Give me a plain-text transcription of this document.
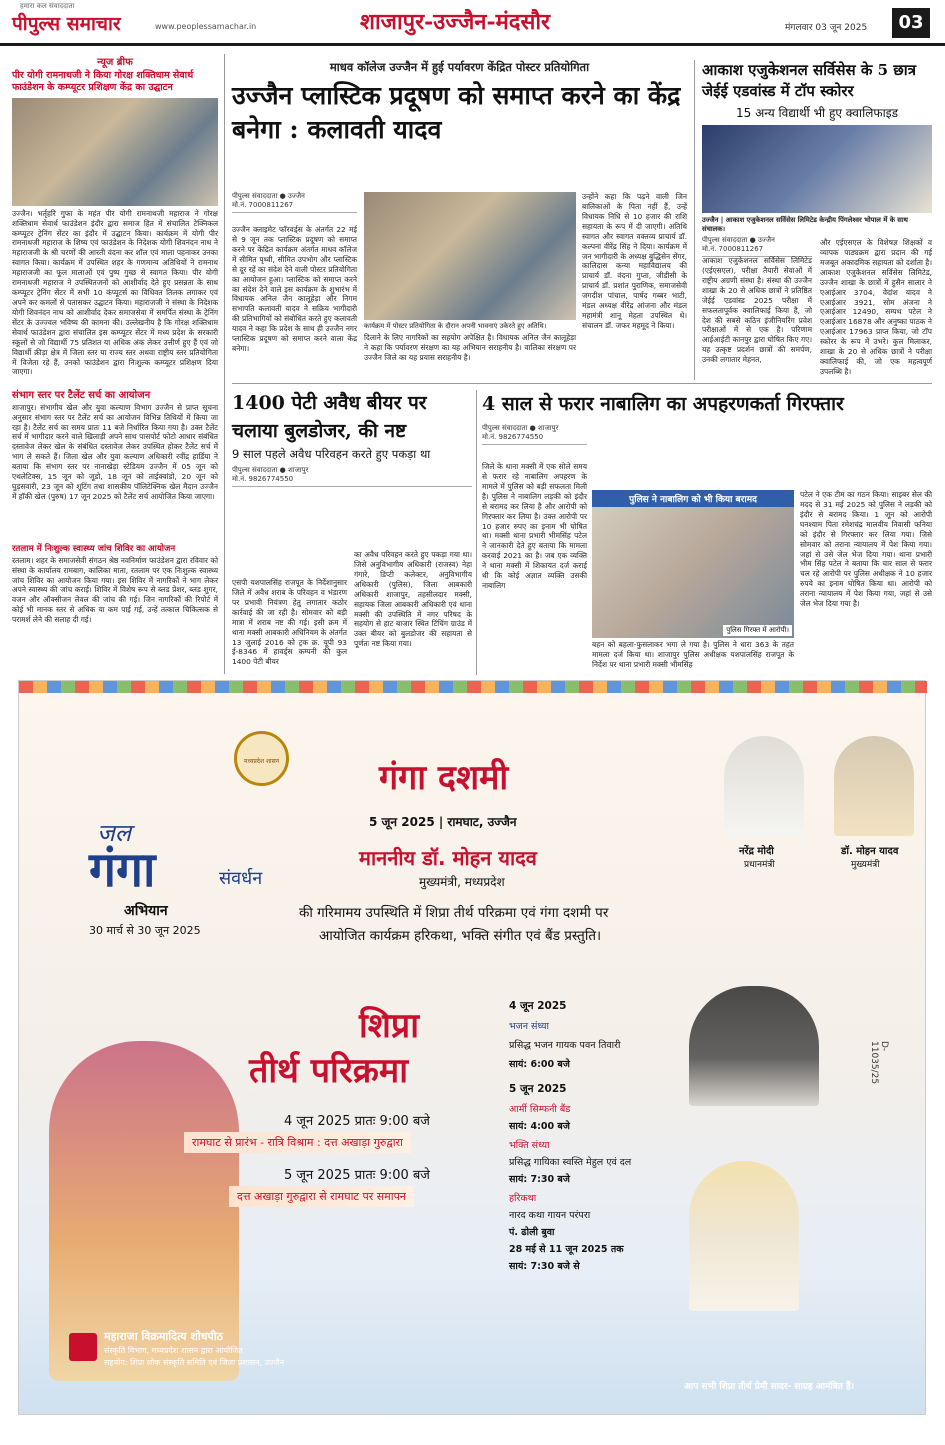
हमारा कल संवाददाता
पीपुल्स समाचार	www.peoplessamachar.in	शाजापुर-उज्जैन-मंदसौर	मंगलवार 03 जून 2025	03
न्यूज ब्रीफ
पीर योगी रामनाथजी ने किया गोरक्ष शक्तिधाम सेवार्थ फाउंडेशन के कम्प्यूटर प्रशिक्षण केंद्र का उद्घाटन
उज्जैन। भर्तृहरि गुफा के महंत पीर योगी रामनाथजी महाराज ने गोरक्ष शक्तिधाम सेवार्थ फाउंडेशन इंदौर द्वारा समाज हित में संचालित टेक्निकल कम्प्यूटर ट्रेनिंग सेंटर का इंदौर में उद्घाटन किया। कार्यक्रम में योगी पीर रामनाथजी महाराज के शिष्य एवं फाउंडेशन के निदेशक योगी शिवनंदन नाथ ने महाराजजी के श्री चरणों की आरती वंदना कर शॉल एवं माला पहनाकर उनका स्वागत किया। कार्यक्रम में उपस्थित शहर के गणमान्य अतिथियों ने रामनाथ महाराजजी का फूल मालाओं एवं पुष्प गुच्छ से स्वागत किया। पीर योगी रामनाथजी महाराज ने उपस्थितजनों को आशीर्वाद देते हुए प्रसन्नता के साथ कम्प्यूटर ट्रेनिंग सेंटर में सभी 10 कंप्यूटर्स का विधिवत तिलक लगाकर एवं अपने कर कमलों से पतासकर उद्घाटन किया। महाराजजी ने संस्था के निदेशक योगी शिवनंदन नाथ को आशीर्वाद देकर समाजसेवा में समर्पित संस्था के ट्रेनिंग सेंटर के उज्ज्वल भविष्य की कामना की। उल्लेखनीय है कि गोरक्ष शक्तिधाम सेवार्थ फाउंडेशन द्वारा संचालित इस कम्प्यूटर सेंटर में मध्य प्रदेश के सरकारी स्कूलों से जो विद्यार्थी 75 प्रतिशत या अधिक अंक लेकर उत्तीर्ण हुए हैं एवं जो विद्यार्थी क्रीड़ा क्षेत्र में जिला स्तर या राज्य स्तर अथवा राष्ट्रीय स्तर प्रतियोगिता में विजेता रहे हैं, उनको फाउंडेशन द्वारा निःशुल्क कम्प्यूटर प्रशिक्षण दिया जाएगा।
संभाग स्तर पर टैलेंट सर्च का आयोजन
शाजापुर। संभागीय खेल और युवा कल्याण विभाग उज्जैन से प्राप्त सूचना अनुसार संभाग स्तर पर टैलेंट सर्च का आयोजन विभिन्न तिथियों में किया जा रहा है। टैलेंट सर्च का समय प्रातः 11 बजे निर्धारित किया गया है। उक्त टैलेंट सर्च में भागीदार करने वाले खिलाड़ी अपने साथ पासपोर्ट फोटो आधार संबंधित दस्तावेज लेकर खेल के संबंधित दस्तावेज लेकर उपस्थित होकर टैलेंट सर्च में भाग ले सकते हैं। जिला खेल और युवा कल्याण अधिकारी रवींद्र हार्डिया ने बताया कि संभाग स्तर पर नानाखेड़ा स्टेडियम उज्जैन में 05 जून को एथलेटिक्स, 15 जून को जूडो, 18 जून को ताईक्वांडो, 20 जून को घुड़सवारी, 23 जून को शूटिंग तथा शासकीय पॉलिटेक्निक खेल मैदान उज्जैन में हॉकी खेल (पुरुष) 17 जून 2025 को टैलेंट सर्च आयोजित किया जाएगा।
रतलाम में निःशुल्क स्वास्थ्य जांच शिविर का आयोजन
रतलाम। शहर के समाजसेवी संगठन श्रेष्ठ नवनिर्माण फाउंडेशन द्वारा रविवार को संस्था के कार्यालय रामबाग, कालिका माता, रतलाम पर एक निःशुल्क स्वास्थ्य जांच शिविर का आयोजन किया गया। इस शिविर में नागरिकों ने भाग लेकर अपने स्वास्थ्य की जांच कराई। शिविर में विशेष रूप से ब्लड प्रेशर, ब्लड शुगर, वजन और ऑक्सीजन लेवल की जांच की गई। जिन नागरिकों की रिपोर्ट में कोई भी मानक स्तर से अधिक या कम पाई गई, उन्हें तत्काल चिकित्सक से परामर्श लेने की सलाह दी गई।
माधव कॉलेज उज्जैन में हुई पर्यावरण केंद्रित पोस्टर प्रतियोगिता
उज्जैन प्लास्टिक प्रदूषण को समाप्त करने का केंद्र बनेगा : कलावती यादव
पीपुल्स संवाददाता ● उज्जैन
मो.नं. 7000811267
उज्जैन क्लाइमेट फॉरवर्ड्स के अंतर्गत 22 मई से 9 जून तक प्लास्टिक प्रदूषण को समाप्त करने पर केंद्रित कार्यक्रम अंतर्गत माधव कॉलेज में सीमित पृथ्वी, सीमित उपभोग और प्लास्टिक से दूर रहें का संदेश देने वाली पोस्टर प्रतियोगिता का आयोजन हुआ। प्लास्टिक को समाप्त करने का संदेश देने वाले इस कार्यक्रम के शुभारंभ में विधायक अनिल जैन कालूहेड़ा और निगम सभापति कलावती यादव ने सक्रिय भागीदारी की प्रतिभागियों को संबोधित करते हुए कलावती यादव ने कहा कि प्रदेश के साथ ही उज्जैन नगर प्लास्टिक प्रदूषण को समाप्त करने वाला केंद्र बनेगा।
कार्यक्रम में पोस्टर प्रतियोगिता के दौरान अपनी भावनाएं उकेरते हुए अतिथि।
उन्होंने कहा कि पढ़ने वाली जिन बालिकाओं के पिता नहीं हैं, उन्हें विधायक निधि से 10 हजार की राशि सहायता के रूप में दी जाएगी। अतिथि स्वागत और स्वागत वक्तव्य प्राचार्य डॉ. कल्पना वीरेंद्र सिंह ने दिया। कार्यक्रम में जन भागीदारी के अध्यक्ष बुद्धिसेन सेंगर, कालिदास कन्या महाविद्यालय की प्राचार्य डॉ. वंदना गुप्ता, जीडीसी के प्राचार्य डॉ. प्रशांत पुराणिक, समाजसेवी जगदीश पांचाल, पार्षद गब्बर भाटी, मंडल अध्यक्ष वीरेंद्र आंजना और मंडल महामंत्री शानू मेहता उपस्थित थे। संचालन डॉ. जफर महमूद ने किया।
दिलाने के लिए नागरिकों का सहयोग अपेक्षित है। विधायक अनिल जैन कालूहेड़ा ने कहा कि पर्यावरण संरक्षण का यह अभियान सराहनीय है। वालिका संरक्षण पर उज्जैन जिले का यह प्रयास सराहनीय है।
आकाश एजुकेशनल सर्विसेस के 5 छात्र जेईई एडवांस्ड में टॉप स्कोरर
15 अन्य विद्यार्थी भी हुए क्वालिफाइड
उज्जैन | आकाश एजुकेशनल सर्विसेस लिमिटेड केन्द्रीय पिंगलेश्वर भोपाल में के साथ संचालक।
पीपुल्स संवाददाता ● उज्जैन
मो.नं. 7000811267
आकाश एजुकेशनल सर्विसेस लिमिटेड (एईएसएल), परीक्षा तैयारी सेवाओं में राष्ट्रीय अग्रणी संस्था है। संस्था की उज्जैन शाखा के 20 से अधिक छात्रों ने प्रतिष्ठित जेईई एडवांस्ड 2025 परीक्षा में सफलतापूर्वक क्वालिफाई किया है, जो देश की सबसे कठिन इंजीनियरिंग प्रवेश परीक्षाओं में से एक है। परिणाम आईआईटी कानपुर द्वारा घोषित किए गए। यह उत्कृष्ट प्रदर्शन छात्रों की समर्पण, उनकी लगातार मेहनत,
और एईएसएल के विशेषज्ञ शिक्षकों व व्यापक पाठ्यक्रम द्वारा प्रदान की गई मजबूत अकादमिक सहायता को दर्शाता है। आकाश एजुकेशनल सर्विसेस लिमिटेड, उज्जैन शाखा के छात्रों में हुसैन सालार ने एआईआर 3704, वेदांश यादव ने एआईआर 3921, सोम अंजना ने एआईआर 12490, सम्पथ पटेल ने एआईआर 16878 और अनुष्का पाठक ने एआईआर 17963 प्राप्त किया, जो टॉप स्कोरर के रूप में उभरे। कुल मिलाकर, शाखा के 20 से अधिक छात्रों ने परीक्षा क्वालिफाई की, जो एक महत्वपूर्ण उपलब्धि है।
1400 पेटी अवैध बीयर पर चलाया बुलडोजर, की नष्ट
9 साल पहले अवैध परिवहन करते हुए पकड़ा था
पीपुल्स संवाददाता ● शाजापुर
मो.नं. 9826774550
एसपी यशपालसिंह राजपूत के निर्देशानुसार जिले में अवैध शराब के परिवहन व भंडारण पर प्रभावी नियंत्रण हेतु लगातार कठोर कार्रवाई की जा रही है। सोमवार को बड़ी मात्रा में शराब नष्ट की गई। इसी क्रम में थाना मक्सी आबकारी अधिनियम के अंतर्गत 13 जुलाई 2016 को ट्रक क्र. यूपी 93 ई-8346 में हावर्ड्स कम्पनी की कुल 1400 पेटी बीयर
का अवैध परिवहन करते हुए पकड़ा गया था। जिसे अनुविभागीय अधिकारी (राजस्व) नेहा गंगारे, डिप्टी कलेक्टर, अनुविभागीय अधिकारी (पुलिस), जिला आबकारी अधिकारी शाजापुर, तहसीलदार मक्सी, सहायक जिला आबकारी अधिकारी एवं थाना मक्सी की उपस्थिति में नगर परिषद के सहयोग से हाट बाजार स्थित टिंचिंग ग्राउंड में उक्त बीयर को बुलडोजर की सहायता से पूर्णतः नष्ट किया गया।
4 साल से फरार नाबालिग का अपहरणकर्ता गिरफ्तार
पीपुल्स संवाददाता ● शाजापुर
मो.नं. 9826774550
जिले के थाना मक्सी में एक सोले समय से फरार रहे नाबालिग अपहरण के मामले में पुलिस को बड़ी सफलता मिली है। पुलिस ने नाबालिग लड़की को इंदौर से बरामद कर लिया है और आरोपी को गिरफ्तार कर लिया है। उक्त आरोपी पर 10 हजार रुपए का इनाम भी घोषित था। मक्सी थाना प्रभारी भीमसिंह पटेल ने जानकारी देते हुए बताया कि मामला करवाई 2021 का है। जब एक व्यक्ति ने थाना मक्सी में शिकायत दर्ज कराई थी कि कोई अज्ञात व्यक्ति उसकी नाबालिग
पुलिस ने नाबालिग को भी किया बरामद
पुलिस गिरफ्त में आरोपी।
बहन को बहला-फुसलाकर भगा ले गया है। पुलिस ने धारा 363 के तहत मामला दर्ज किया था। शाजापुर पुलिस अधीक्षक यशपालसिंह राजपूत के निर्देश पर थाना प्रभारी मक्सी भीमसिंह
पटेल ने एक टीम का गठन किया। साइबर सेल की मदद से 31 मई 2025 को पुलिस ने लड़की को इंदौर से बरामद किया। 1 जून को आरोपी घनश्याम पिता रमेशचंद्र मालवीय निवासी फनिया को इंदौर से गिरफ्तार कर लिया गया। जिसे सोमवार को तराना न्यायालय में पेश किया गया। जहां से उसे जेल भेज दिया गया। थाना प्रभारी भीम सिंह पटेल ने बताया कि चार साल से फरार चल रहे आरोपी पर पुलिस अधीक्षक ने 10 हजार रुपये का इनाम घोषित किया था। आरोपी को तराना न्यायालय में पेश किया गया, जहां से उसे जेल भेज दिया गया है।
मध्यप्रदेश शासन	गंगा दशमी
5 जून 2025 | रामघाट, उज्जैन
माननीय डॉ. मोहन यादव
मुख्यमंत्री, मध्यप्रदेश
की गरिमामय उपस्थिति में शिप्रा तीर्थ परिक्रमा एवं गंगा दशमी पर
आयोजित कार्यक्रम हरिकथा, भक्ति संगीत एवं बैंड प्रस्तुति।
जल
गंगा	संवर्धन
अभियान
30 मार्च से 30 जून 2025
नरेंद्र मोदी
प्रधानमंत्री
डॉ. मोहन यादव
मुख्यमंत्री
शिप्रा
तीर्थ परिक्रमा
4 जून 2025 प्रातः 9:00 बजे
रामघाट से प्रारंभ - रात्रि विश्राम : दत्त अखाड़ा गुरुद्वारा
5 जून 2025 प्रातः 9:00 बजे
दत्त अखाड़ा गुरुद्वारा से रामघाट पर समापन
4 जून 2025
भजन संध्या
प्रसिद्ध भजन गायक पवन तिवारी
सायं: 6:00 बजे
5 जून 2025
आर्मी सिम्फनी बैंड
सायं: 4:00 बजे
भक्ति संध्या
प्रसिद्ध गायिका स्वस्ति मेहुल एवं दल
सायं: 7:30 बजे
हरिकथा
नारद कथा गायन परंपरा
पं. ढोली बुवा
28 मई से 11 जून 2025 तक
सायं: 7:30 बजे से
D-11035/25
महाराजा विक्रमादित्य शोधपीठ
संस्कृति विभाग, मध्यप्रदेश शासन द्वारा आयोजित
सहयोग: शिप्रा लोक संस्कृति समिति एवं जिला प्रशासन, उज्जैन
आप सभी शिप्रा तीर्थ प्रेमी सादर- साग्रह आमंत्रित हैं।
